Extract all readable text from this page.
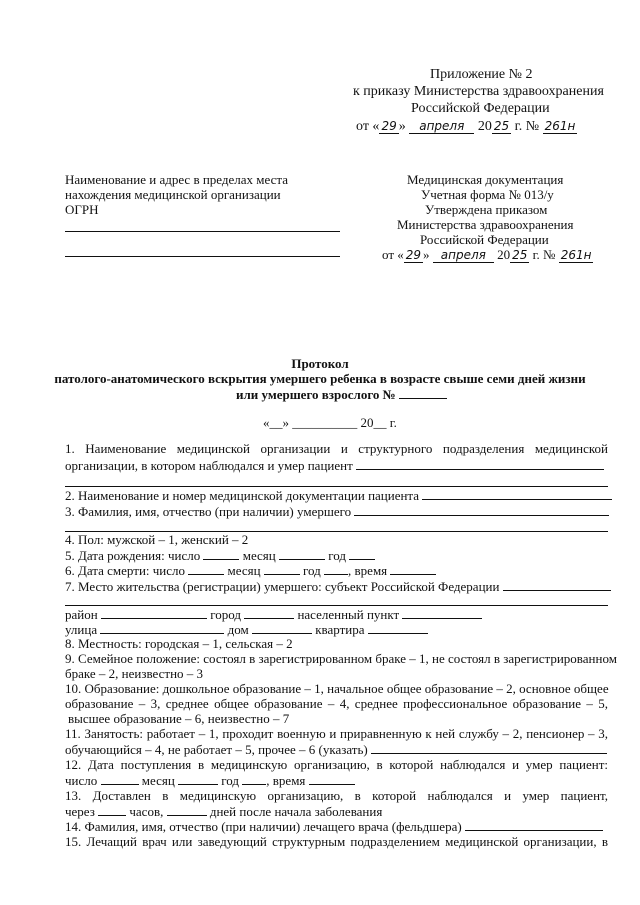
Приложение № 2
к приказу Министерства здравоохранения
Российской Федерации
от « 29 » апреля 20 25 г. № 261н
Наименование и адрес в пределах места
нахождения медицинской организации
ОГРН
Медицинская документация
Учетная форма № 013/у
Утверждена приказом
Министерства здравоохранения
Российской Федерации
от « 29 » апреля 20 25 г. № 261н
Протокол
патолого-анатомического вскрытия умершего ребенка в возрасте свыше семи дней жизни
или умершего взрослого №
«__» __________ 20__ г.
1. Наименование медицинской организации и структурного подразделения медицинской
организации, в котором наблюдался и умер пациент
2. Наименование и номер медицинской документации пациента
3. Фамилия, имя, отчество (при наличии) умершего
4. Пол: мужской – 1, женский – 2
5. Дата рождения: число	месяц	год
6. Дата смерти: число	месяц	год , время
7. Место жительства (регистрации) умершего: субъект Российской Федерации
район	город	населенный пункт
улица	дом	квартира
8. Местность: городская – 1, сельская – 2
9. Семейное положение: состоял в зарегистрированном браке – 1, не состоял в зарегистрированном
браке – 2, неизвестно – 3
10. Образование: дошкольное образование – 1, начальное общее образование – 2, основное общее
образование – 3, среднее общее образование – 4, среднее профессиональное образование – 5,
высшее образование – 6, неизвестно – 7
11. Занятость: работает – 1, проходит военную и приравненную к ней службу – 2, пенсионер – 3,
обучающийся – 4, не работает – 5, прочее – 6 (указать)
12. Дата поступления в медицинскую организацию, в которой наблюдался и умер пациент:
число	месяц	год , время
13. Доставлен в медицинскую организацию, в которой наблюдался и умер пациент,
через	часов,	дней после начала заболевания
14. Фамилия, имя, отчество (при наличии) лечащего врача (фельдшера)
15. Лечащий врач или заведующий структурным подразделением медицинской организации, в
